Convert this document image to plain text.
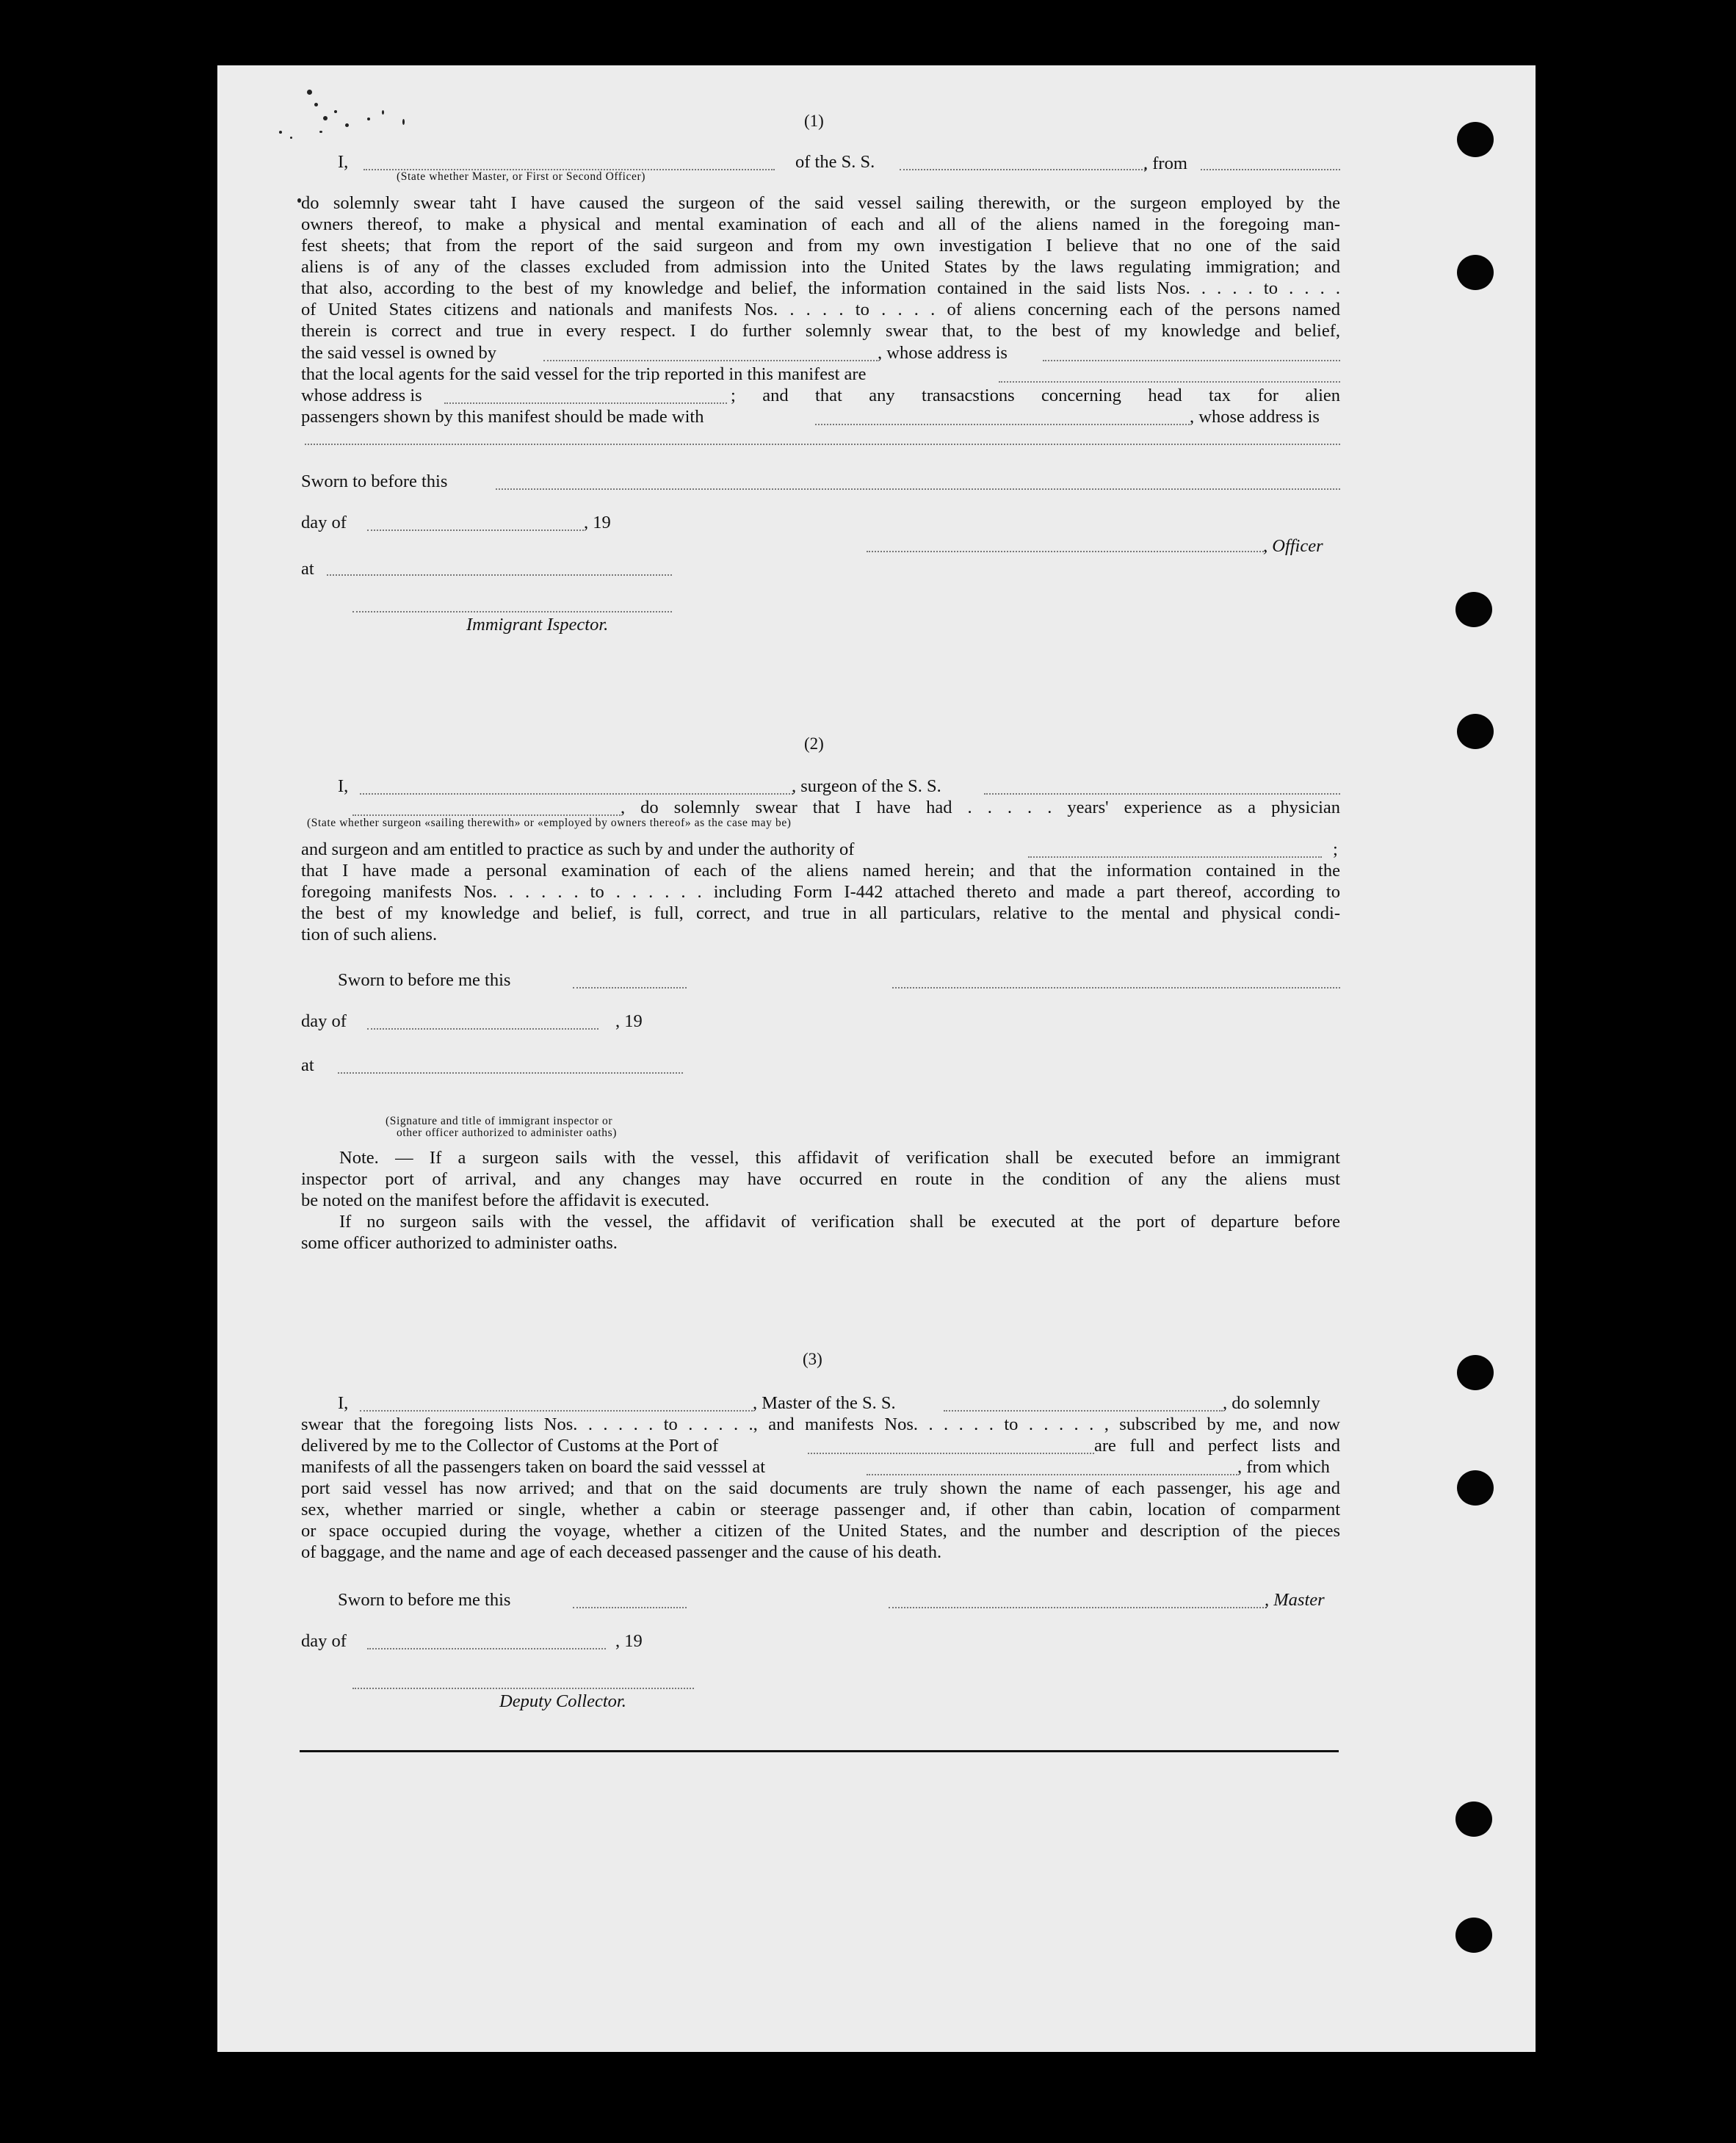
(1)
I,	of the S. S.	, from
(State whether Master, or First or Second Officer)
do solemnly swear taht I have caused the surgeon of the said vessel sailing therewith, or the surgeon employed by the
owners thereof, to make a physical and mental examination of each and all of the aliens named in the foregoing man-
fest sheets; that from the report of the said surgeon and from my own investigation I believe that no one of the said
aliens is of any of the classes excluded from admission into the United States by the laws regulating immigration; and
that also, according to the best of my knowledge and belief, the information contained in the said lists Nos. . . . . to . . . .
of United States citizens and nationals and manifests Nos. . . . . to . . . . of aliens concerning each of the persons named
therein is correct and true in every respect. I do further solemnly swear that, to the best of my knowledge and belief,
the said vessel is owned by	, whose address is
that the local agents for the said vessel for the trip reported in this manifest are
whose address is	; and that any transacstions concerning head tax for alien
passengers shown by this manifest should be made with	, whose address is
Sworn to before this
day of	, 19
, Officer
at
Immigrant Ispector.
(2)
I,	, surgeon of the S. S.
, do solemnly swear that I have had . . . . . years' experience as a physician
(State whether surgeon «sailing therewith» or «employed by owners thereof» as the case may be)
and surgeon and am entitled to practice as such by and under the authority of	;
that I have made a personal examination of each of the aliens named herein; and that the information contained in the
foregoing manifests Nos. . . . . . to . . . . . . including Form I-442 attached thereto and made a part thereof, according to
the best of my knowledge and belief, is full, correct, and true in all particulars, relative to the mental and physical condi-
tion of such aliens.
Sworn to before me this
day of	, 19
at
(Signature and title of immigrant inspector or
other officer authorized to administer oaths)
Note. — If a surgeon sails with the vessel, this affidavit of verification shall be executed before an immigrant
inspector port of arrival, and any changes may have occurred en route in the condition of any the aliens must
be noted on the manifest before the affidavit is executed.
If no surgeon sails with the vessel, the affidavit of verification shall be executed at the port of departure before
some officer authorized to administer oaths.
(3)
I,	, Master of the S. S.	, do solemnly
swear that the foregoing lists Nos. . . . . . to . . . . ., and manifests Nos. . . . . . to . . . . . , subscribed by me, and now
delivered by me to the Collector of Customs at the Port of	are full and perfect lists and
manifests of all the passengers taken on board the said vesssel at	, from which
port said vessel has now arrived; and that on the said documents are truly shown the name of each passenger, his age and
sex, whether married or single, whether a cabin or steerage passenger and, if other than cabin, location of comparment
or space occupied during the voyage, whether a citizen of the United States, and the number and description of the pieces
of baggage, and the name and age of each deceased passenger and the cause of his death.
Sworn to before me this	, Master
day of	, 19
Deputy Collector.
